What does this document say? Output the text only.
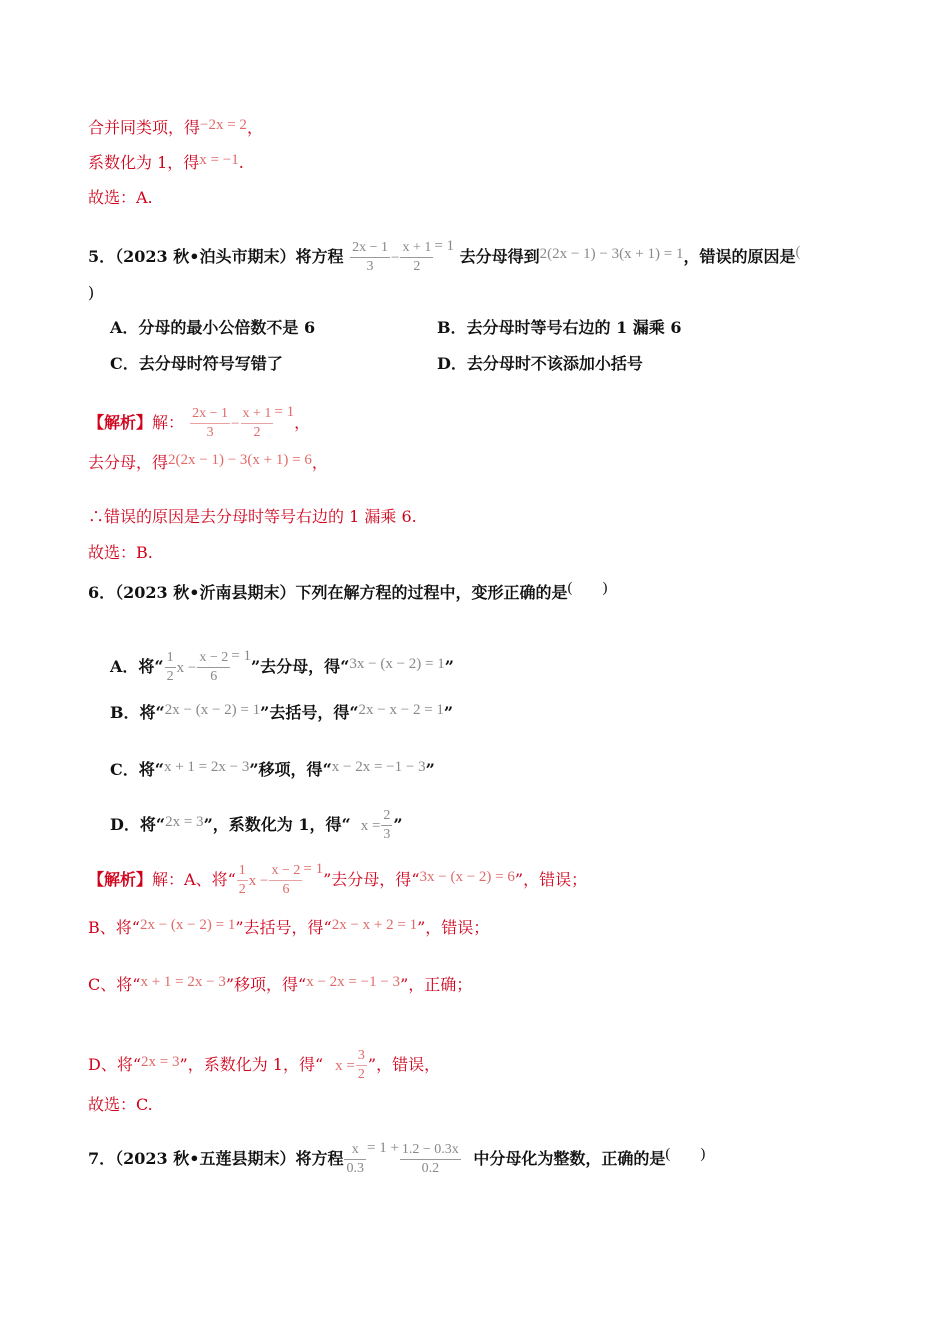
合并同类项，得−2x = 2，
系数化为 1，得x = −1.
故选：A.
5．（2023 秋•泊头市期末）将方程 $\frac{2x - 1}{3} - \frac{x + 1}{2} = 1$ 去分母得到2(2x − 1) − 3(x + 1) = 1，错误的原因是(
)
A．分母的最小公倍数不是 6	B．去分母时等号右边的 1 漏乘 6
C．去分母时符号写错了	D．去分母时不该添加小括号
【解析】解： $\frac{2x - 1}{3} - \frac{x + 1}{2} = 1$，
去分母，得2(2x − 1) − 3(x + 1) = 6，
∴错误的原因是去分母时等号右边的 1 漏乘 6.
故选：B.
6．（2023 秋•沂南县期末）下列在解方程的过程中，变形正确的是(　　)
A．将“ $\frac{1}{2}$ $x - \frac{x - 2}{6} = 1$”去分母，得“3x − (x − 2) = 1”
B．将“2x − (x − 2) = 1”去括号，得“2x − x − 2 = 1”
C．将“x + 1 = 2x − 3”移项，得“x − 2x = −1 − 3”
D．将“2x = 3”，系数化为 1，得“ $x = \frac{2}{3}$ ”
【解析】解：A、将“ $\frac{1}{2}$ $x - \frac{x - 2}{6} = 1$”去分母，得“3x − (x − 2) = 6”，错误；
B、将“2x − (x − 2) = 1”去括号，得“2x − x + 2 = 1”，错误；
C、将“x + 1 = 2x − 3”移项，得“x − 2x = −1 − 3”，正确；
D、将“2x = 3”，系数化为 1，得“ $x = \frac{3}{2}$ ”，错误，
故选：C.
7．（2023 秋•五莲县期末）将方程 $\frac{x}{0.3} = 1 + \frac{1.2 - 0.3x}{0.2}$ 中分母化为整数，正确的是(　　)
